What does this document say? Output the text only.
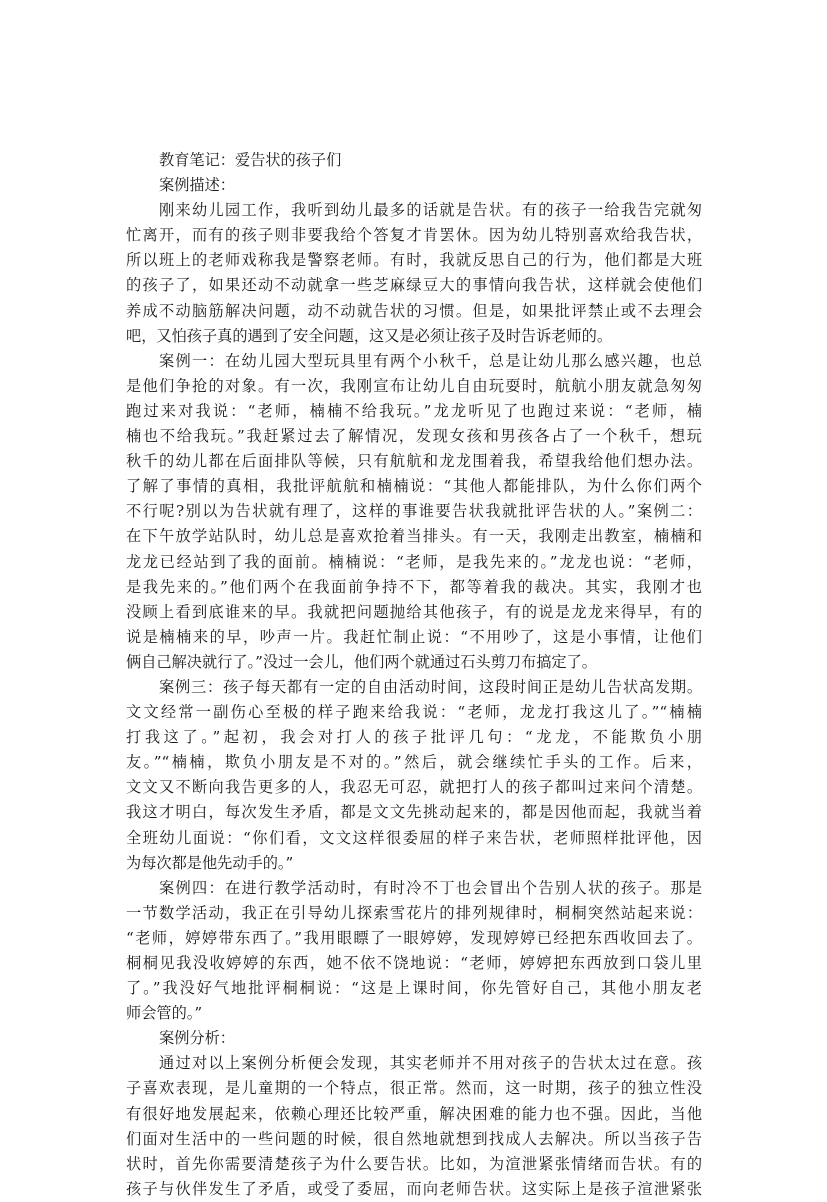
教育笔记：爱告状的孩子们
案例描述：
刚来幼儿园工作，我听到幼儿最多的话就是告状。有的孩子一给我告完就匆
忙离开，而有的孩子则非要我给个答复才肯罢休。因为幼儿特别喜欢给我告状，
所以班上的老师戏称我是警察老师。有时，我就反思自己的行为，他们都是大班
的孩子了，如果还动不动就拿一些芝麻绿豆大的事情向我告状，这样就会使他们
养成不动脑筋解决问题，动不动就告状的习惯。但是，如果批评禁止或不去理会
吧，又怕孩子真的遇到了安全问题，这又是必须让孩子及时告诉老师的。
案例一：在幼儿园大型玩具里有两个小秋千，总是让幼儿那么感兴趣，也总
是他们争抢的对象。有一次，我刚宣布让幼儿自由玩耍时，航航小朋友就急匆匆
跑过来对我说：“老师，楠楠不给我玩。”龙龙听见了也跑过来说：“老师，楠
楠也不给我玩。”我赶紧过去了解情况，发现女孩和男孩各占了一个秋千，想玩
秋千的幼儿都在后面排队等候，只有航航和龙龙围着我，希望我给他们想办法。
了解了事情的真相，我批评航航和楠楠说：“其他人都能排队，为什么你们两个
不行呢?别以为告状就有理了，这样的事谁要告状我就批评告状的人。”案例二：
在下午放学站队时，幼儿总是喜欢抢着当排头。有一天，我刚走出教室，楠楠和
龙龙已经站到了我的面前。楠楠说：“老师，是我先来的。”龙龙也说：“老师，
是我先来的。”他们两个在我面前争持不下，都等着我的裁决。其实，我刚才也
没顾上看到底谁来的早。我就把问题抛给其他孩子，有的说是龙龙来得早，有的
说是楠楠来的早，吵声一片。我赶忙制止说：“不用吵了，这是小事情，让他们
俩自己解决就行了。”没过一会儿，他们两个就通过石头剪刀布搞定了。
案例三：孩子每天都有一定的自由活动时间，这段时间正是幼儿告状高发期。
文文经常一副伤心至极的样子跑来给我说：“老师，龙龙打我这儿了。”“楠楠
打我这了。”起初，我会对打人的孩子批评几句：“龙龙，不能欺负小朋
友。”“楠楠，欺负小朋友是不对的。”然后，就会继续忙手头的工作。后来，
文文又不断向我告更多的人，我忍无可忍，就把打人的孩子都叫过来问个清楚。
我这才明白，每次发生矛盾，都是文文先挑动起来的，都是因他而起，我就当着
全班幼儿面说：“你们看，文文这样很委屈的样子来告状，老师照样批评他，因
为每次都是他先动手的。”
案例四：在进行教学活动时，有时冷不丁也会冒出个告别人状的孩子。那是
一节数学活动，我正在引导幼儿探索雪花片的排列规律时，桐桐突然站起来说：
“老师，婷婷带东西了。”我用眼瞟了一眼婷婷，发现婷婷已经把东西收回去了。
桐桐见我没收婷婷的东西，她不依不饶地说：“老师，婷婷把东西放到口袋儿里
了。”我没好气地批评桐桐说：“这是上课时间，你先管好自己，其他小朋友老
师会管的。”
案例分析：
通过对以上案例分析便会发现，其实老师并不用对孩子的告状太过在意。孩
子喜欢表现，是儿童期的一个特点，很正常。然而，这一时期，孩子的独立性没
有很好地发展起来，依赖心理还比较严重，解决困难的能力也不强。因此，当他
们面对生活中的一些问题的时候，很自然地就想到找成人去解决。所以当孩子告
状时，首先你需要清楚孩子为什么要告状。比如，为渲泄紧张情绪而告状。有的
孩子与伙伴发生了矛盾，或受了委屈，而向老师告状。这实际上是孩子渲泄紧张
